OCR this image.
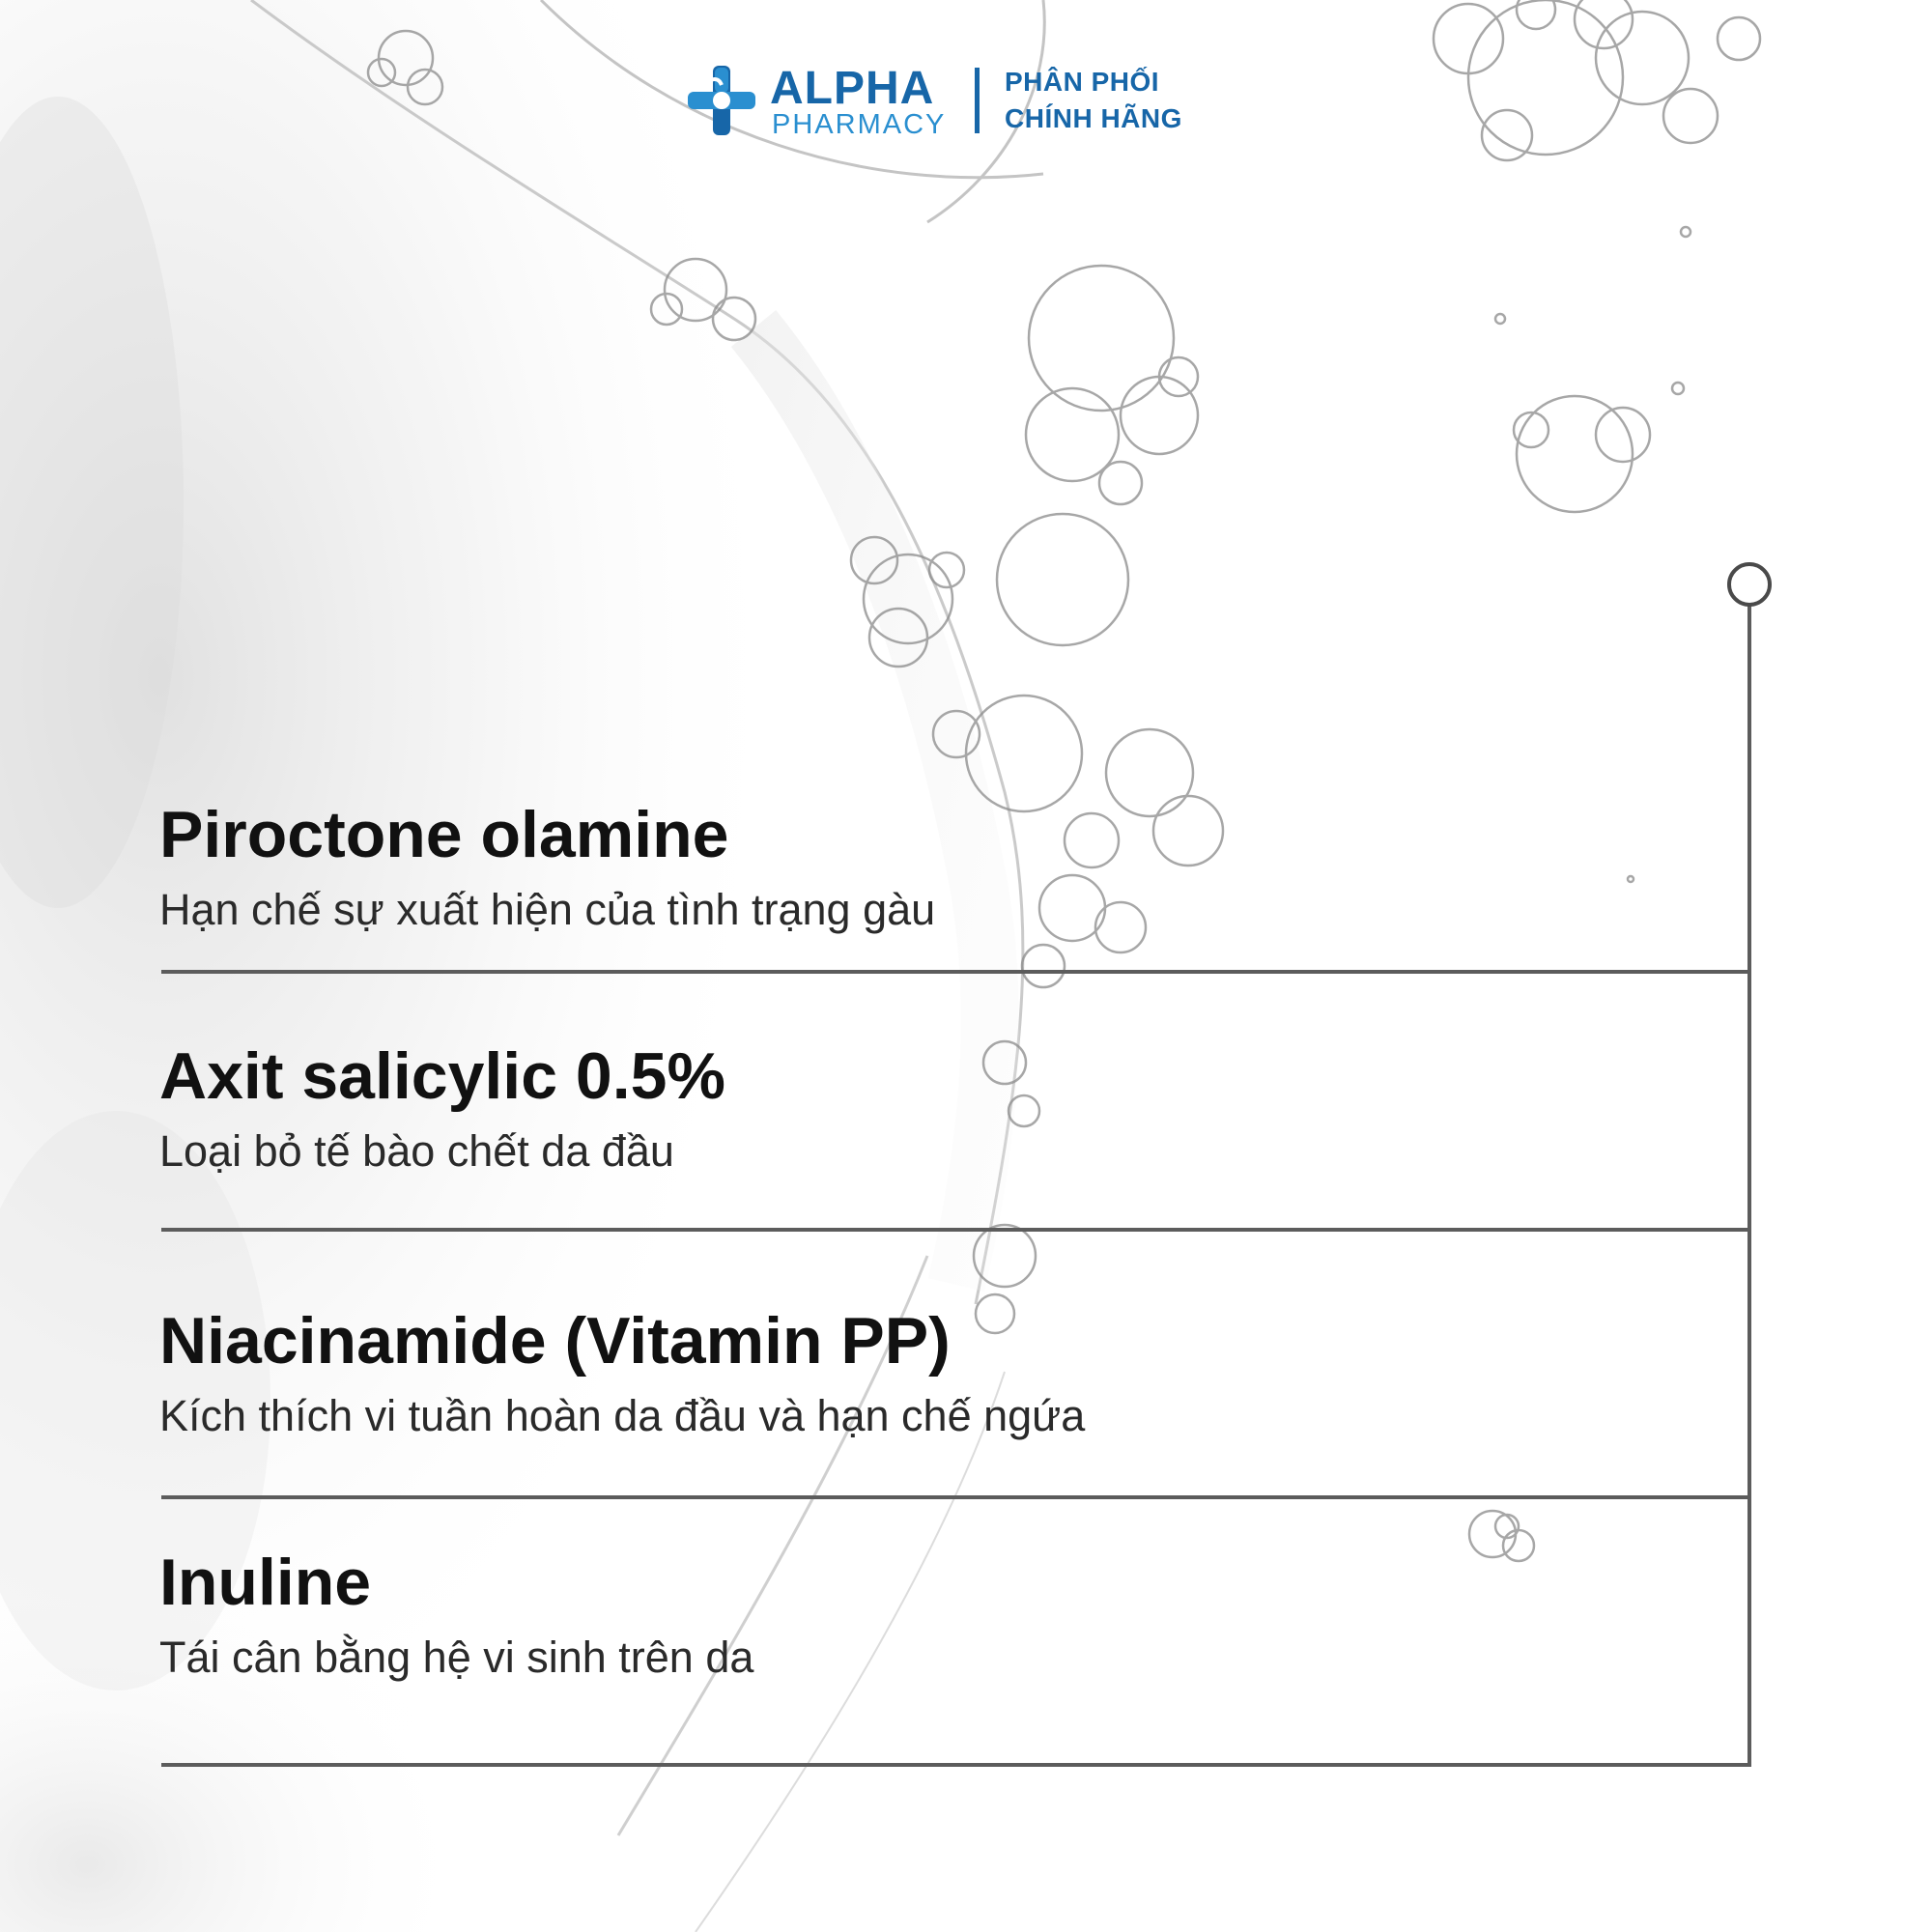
ALPHA
PHARMACY
PHÂN PHỐI
CHÍNH HÃNG
Piroctone olamine
Hạn chế sự xuất hiện của tình trạng gàu
Axit salicylic 0.5%
Loại bỏ tế bào chết da đầu
Niacinamide (Vitamin PP)
Kích thích vi tuần hoàn da đầu và hạn chế ngứa
Inuline
Tái cân bằng hệ vi sinh trên da
